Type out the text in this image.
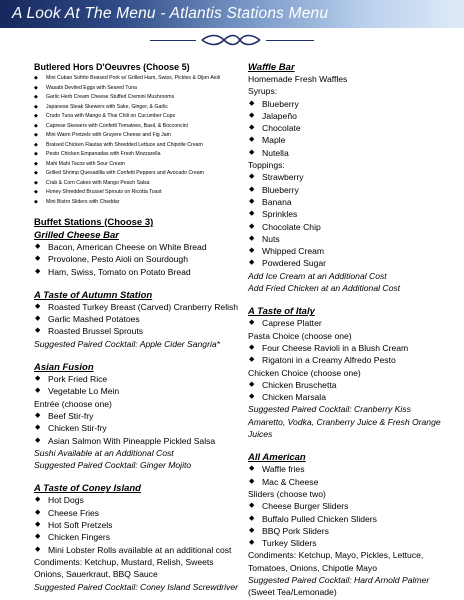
A Look At The Menu - Atlantis Stations Menu
Butlered Hors D'Oeuvres (Choose 5)
◆ Mini Cuban Sofrito Braised Pork w/ Grilled Ham, Swiss, Pickles & Dijon Aioli
◆ Wasabi Deviled Eggs with Seared Tuna
◆ Garlic Herb Cream Cheese Stuffed Cremini Mushrooms
◆ Japanese Steak Skewers with Sake, Ginger, & Garlic
◆ Crudo Tuna with Mango & Thai Chili on Cucumber Cups
◆ Caprese Skewers with Confetti Tomatoes, Basil, & Bocconcini
◆ Mini Warm Pretzels with Gruyere Cheese and Fig Jam
◆ Braised Chicken Flautas with Shredded Lettuce and Chipotle Cream
◆ Pesto Chicken Empanadas with Fresh Mozzarella
◆ Mahi Mahi Tacos with Sour Cream
◆ Grilled Shrimp Quesadilla with Confetti Peppers and Avocado Cream
◆ Crab & Corn Cakes with Mango Peach Salsa
◆ Honey Shredded Brussel Sprouts on Ricotta Toast
◆ Mini Bistro Sliders with Cheddar
Buffet Stations (Choose 3)
Grilled Cheese Bar
◆ Bacon, American Cheese on White Bread
◆ Provolone, Pesto Aioli on Sourdough
◆ Ham, Swiss, Tomato on Potato Bread
A Taste of Autumn Station
◆ Roasted Turkey Breast (Carved) Cranberry Relish
◆ Garlic Mashed Potatoes
◆ Roasted Brussel Sprouts
Suggested Paired Cocktail: Apple Cider Sangria*
Asian Fusion
◆ Pork Fried Rice
◆ Vegetable Lo Mein
Entrée (choose one)
◆ Beef Stir-fry
◆ Chicken Stir-fry
◆ Asian Salmon With Pineapple Pickled Salsa
Sushi Available at an Additional Cost
Suggested Paired Cocktail: Ginger Mojito
A Taste of Coney Island
◆ Hot Dogs
◆ Cheese Fries
◆ Hot Soft Pretzels
◆ Chicken Fingers
◆ Mini Lobster Rolls available at an additional cost
Condiments: Ketchup, Mustard, Relish, Sweets Onions, Sauerkraut, BBQ Sauce
Suggested Paired Cocktail: Coney Island Screwdriver
Waffle Bar
Homemade Fresh Waffles
Syrups:
◆ Blueberry
◆ Jalapeño
◆ Chocolate
◆ Maple
◆ Nutella
Toppings:
◆ Strawberry
◆ Blueberry
◆ Banana
◆ Sprinkles
◆ Chocolate Chip
◆ Nuts
◆ Whipped Cream
◆ Powdered Sugar
Add Ice Cream at an Additional Cost
Add Fried Chicken at an Additional Cost
A Taste of Italy
◆ Caprese Platter
Pasta Choice (choose one)
◆ Four Cheese Ravioli in a Blush Cream
◆ Rigatoni in a Creamy Alfredo Pesto
Chicken Choice (choose one)
◆ Chicken Bruschetta
◆ Chicken Marsala
Suggested Paired Cocktail: Cranberry Kiss Amaretto, Vodka, Cranberry Juice & Fresh Orange Juices
All American
◆ Waffle fries
◆ Mac & Cheese
Sliders (choose two)
◆ Cheese Burger Sliders
◆ Buffalo Pulled Chicken Sliders
◆ BBQ Pork Sliders
◆ Turkey Sliders
Condiments: Ketchup, Mayo, Pickles, Lettuce, Tomatoes, Onions, Chipotle Mayo
Suggested Paired Cocktail: Hard Arnold Palmer
(Sweet Tea/Lemonade)
